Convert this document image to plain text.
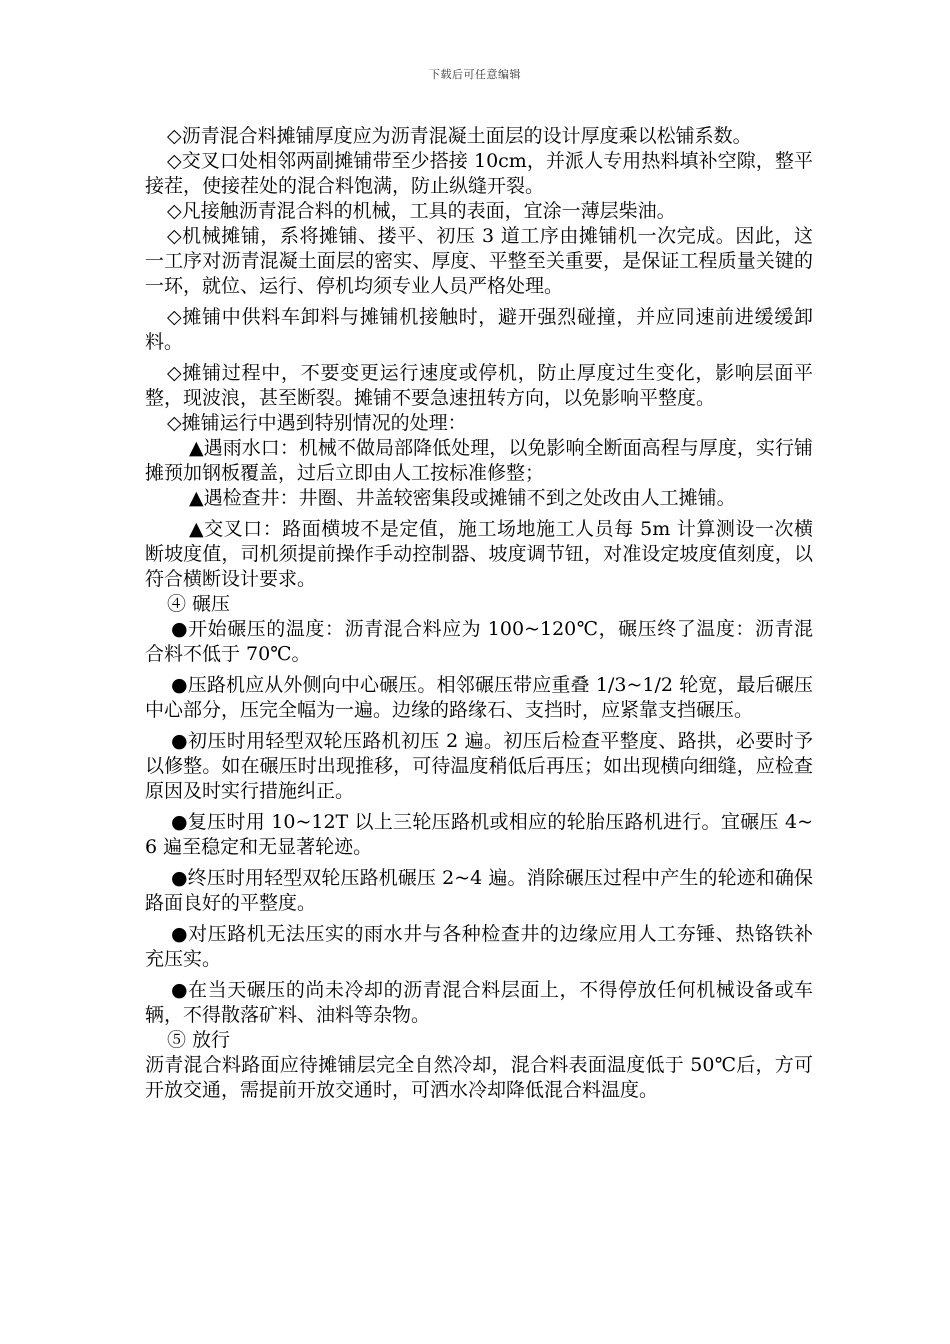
下载后可任意编辑

◇沥青混合料摊铺厚度应为沥青混凝土面层的设计厚度乘以松铺系数。

◇交叉口处相邻两副摊铺带至少搭接 10cm，并派人专用热料填补空隙，整平接茬，使接茬处的混合料饱满，防止纵缝开裂。

◇凡接触沥青混合料的机械，工具的表面，宜涂一薄层柴油。

◇机械摊铺，系将摊铺、搂平、初压 3 道工序由摊铺机一次完成。因此，这一工序对沥青混凝土面层的密实、厚度、平整至关重要，是保证工程质量关键的一环，就位、运行、停机均须专业人员严格处理。

◇摊铺中供料车卸料与摊铺机接触时，避开强烈碰撞，并应同速前进缓缓卸料。

◇摊铺过程中，不要变更运行速度或停机，防止厚度过生变化，影响层面平整，现波浪，甚至断裂。摊铺不要急速扭转方向，以免影响平整度。

◇摊铺运行中遇到特别情况的处理：

▲遇雨水口：机械不做局部降低处理，以免影响全断面高程与厚度，实行铺摊预加钢板覆盖，过后立即由人工按标准修整；

▲遇检查井：井圈、井盖较密集段或摊铺不到之处改由人工摊铺。

▲交叉口：路面横坡不是定值，施工场地施工人员每 5m 计算测设一次横断坡度值，司机须提前操作手动控制器、坡度调节钮，对准设定坡度值刻度，以符合横断设计要求。

④ 碾压

●开始碾压的温度：沥青混合料应为 100~120℃，碾压终了温度：沥青混合料不低于 70℃。

●压路机应从外侧向中心碾压。相邻碾压带应重叠 1/3~1/2 轮宽，最后碾压中心部分，压完全幅为一遍。边缘的路缘石、支挡时，应紧靠支挡碾压。

●初压时用轻型双轮压路机初压 2 遍。初压后检查平整度、路拱，必要时予以修整。如在碾压时出现推移，可待温度稍低后再压；如出现横向细缝，应检查原因及时实行措施纠正。

●复压时用 10~12T 以上三轮压路机或相应的轮胎压路机进行。宜碾压 4~6 遍至稳定和无显著轮迹。

●终压时用轻型双轮压路机碾压 2~4 遍。消除碾压过程中产生的轮迹和确保路面良好的平整度。

●对压路机无法压实的雨水井与各种检查井的边缘应用人工夯锤、热铬铁补充压实。

●在当天碾压的尚未冷却的沥青混合料层面上，不得停放任何机械设备或车辆，不得散落矿料、油料等杂物。

⑤ 放行

沥青混合料路面应待摊铺层完全自然冷却，混合料表面温度低于 50℃后，方可开放交通，需提前开放交通时，可洒水冷却降低混合料温度。
